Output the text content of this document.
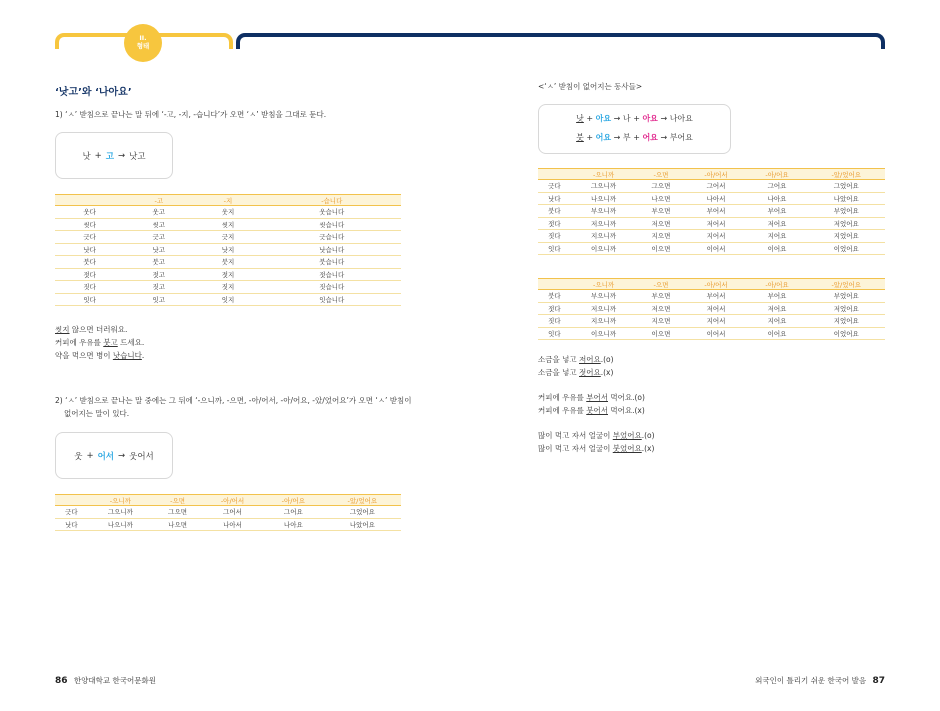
II.
형태
‘낫고’와 ‘나아요’
1) ‘ㅅ’ 받침으로 끝나는 말 뒤에 ‘-고, -지, -습니다’가 오면 ‘ㅅ’ 받침을 그대로 둔다.
낫 + 고 → 낫고
	-고	-지	-습니다
웃다	웃고	웃지	웃습니다
씻다	씻고	씻지	씻습니다
긋다	긋고	긋지	긋습니다
낫다	낫고	낫지	낫습니다
붓다	붓고	붓지	붓습니다
젓다	젓고	젓지	젓습니다
짓다	짓고	짓지	짓습니다
잇다	잇고	잇지	잇습니다
씻지 않으면 더러워요.
커피에 우유를 붓고 드세요.
약을 먹으면 병이 낫습니다.
2) ‘ㅅ’ 받침으로 끝나는 말 중에는 그 뒤에 ‘-으니까, -으면, -아/어서, -아/어요, -았/었어요’가 오면 ‘ㅅ’ 받침이
없어지는 말이 있다.
웃 + 어서 → 웃어서
	-으니까	-으면	-아/어서	-아/어요	-았/었어요
긋다	그으니까	그으면	그어서	그어요	그었어요
낫다	나으니까	나으면	나아서	나아요	나았어요
86 한양대학교 한국어문화원
<‘ㅅ’ 받침이 없어지는 동사들>
낫 + 아요 → 나 + 아요 → 나아요
붓 + 어요 → 부 + 어요 → 부어요
	-으니까	-으면	-아/어서	-아/어요	-았/었어요
긋다	그으니까	그으면	그어서	그어요	그었어요
낫다	나으니까	나으면	나아서	나아요	나았어요
붓다	부으니까	부으면	부어서	부어요	부었어요
젓다	저으니까	저으면	저어서	저어요	저었어요
짓다	지으니까	지으면	지어서	지어요	지었어요
잇다	이으니까	이으면	이어서	이어요	이었어요
	-으니까	-으면	-아/어서	-아/어요	-았/었어요
붓다	부으니까	부으면	부어서	부어요	부었어요
젓다	저으니까	저으면	저어서	저어요	저었어요
짓다	지으니까	지으면	지어서	지어요	지었어요
잇다	이으니까	이으면	이어서	이어요	이었어요
소금을 넣고 저어요.(o)
소금을 넣고 젓어요.(x)
커피에 우유를 부어서 먹어요.(o)
커피에 우유를 붓어서 먹어요.(x)
많이 먹고 자서 얼굴이 부었어요.(o)
많이 먹고 자서 얼굴이 붓었어요.(x)
외국인이 틀리기 쉬운 한국어 발음 87
